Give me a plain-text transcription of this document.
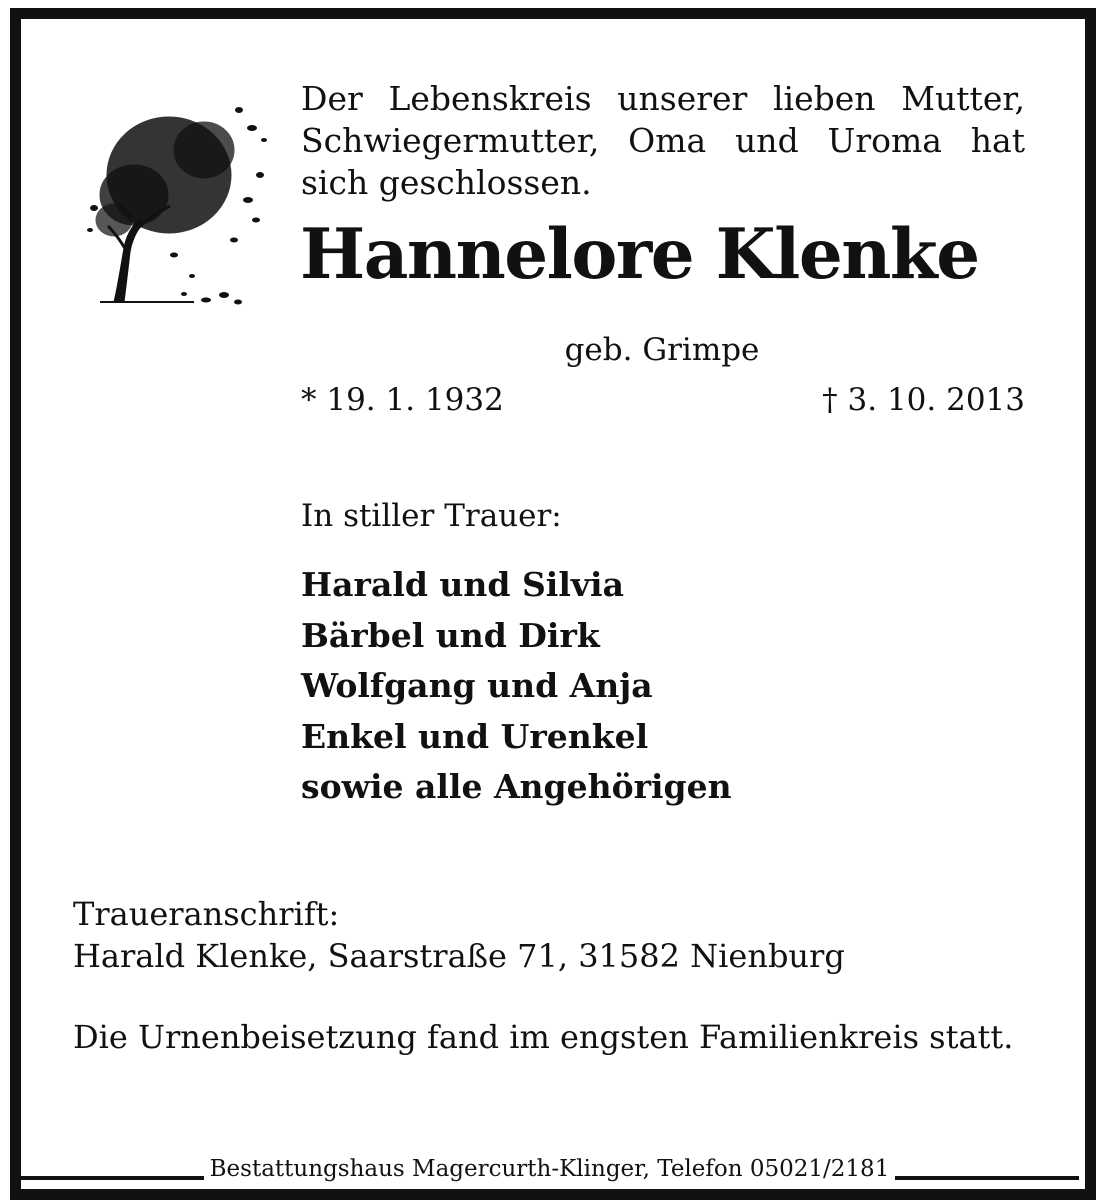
Der Lebenskreis unserer lieben Mutter, Schwiegermutter, Oma und Uroma hat sich geschlossen.
Hannelore Klenke
geb. Grimpe
* 19. 1. 1932	† 3. 10. 2013
In stiller Trauer:
Harald und Silvia
Bärbel und Dirk
Wolfgang und Anja
Enkel und Urenkel
sowie alle Angehörigen
Traueranschrift:
Harald Klenke, Saarstraße 71, 31582 Nienburg
Die Urnenbeisetzung fand im engsten Familienkreis statt.
Bestattungshaus Magercurth-Klinger, Telefon 05021/2181
